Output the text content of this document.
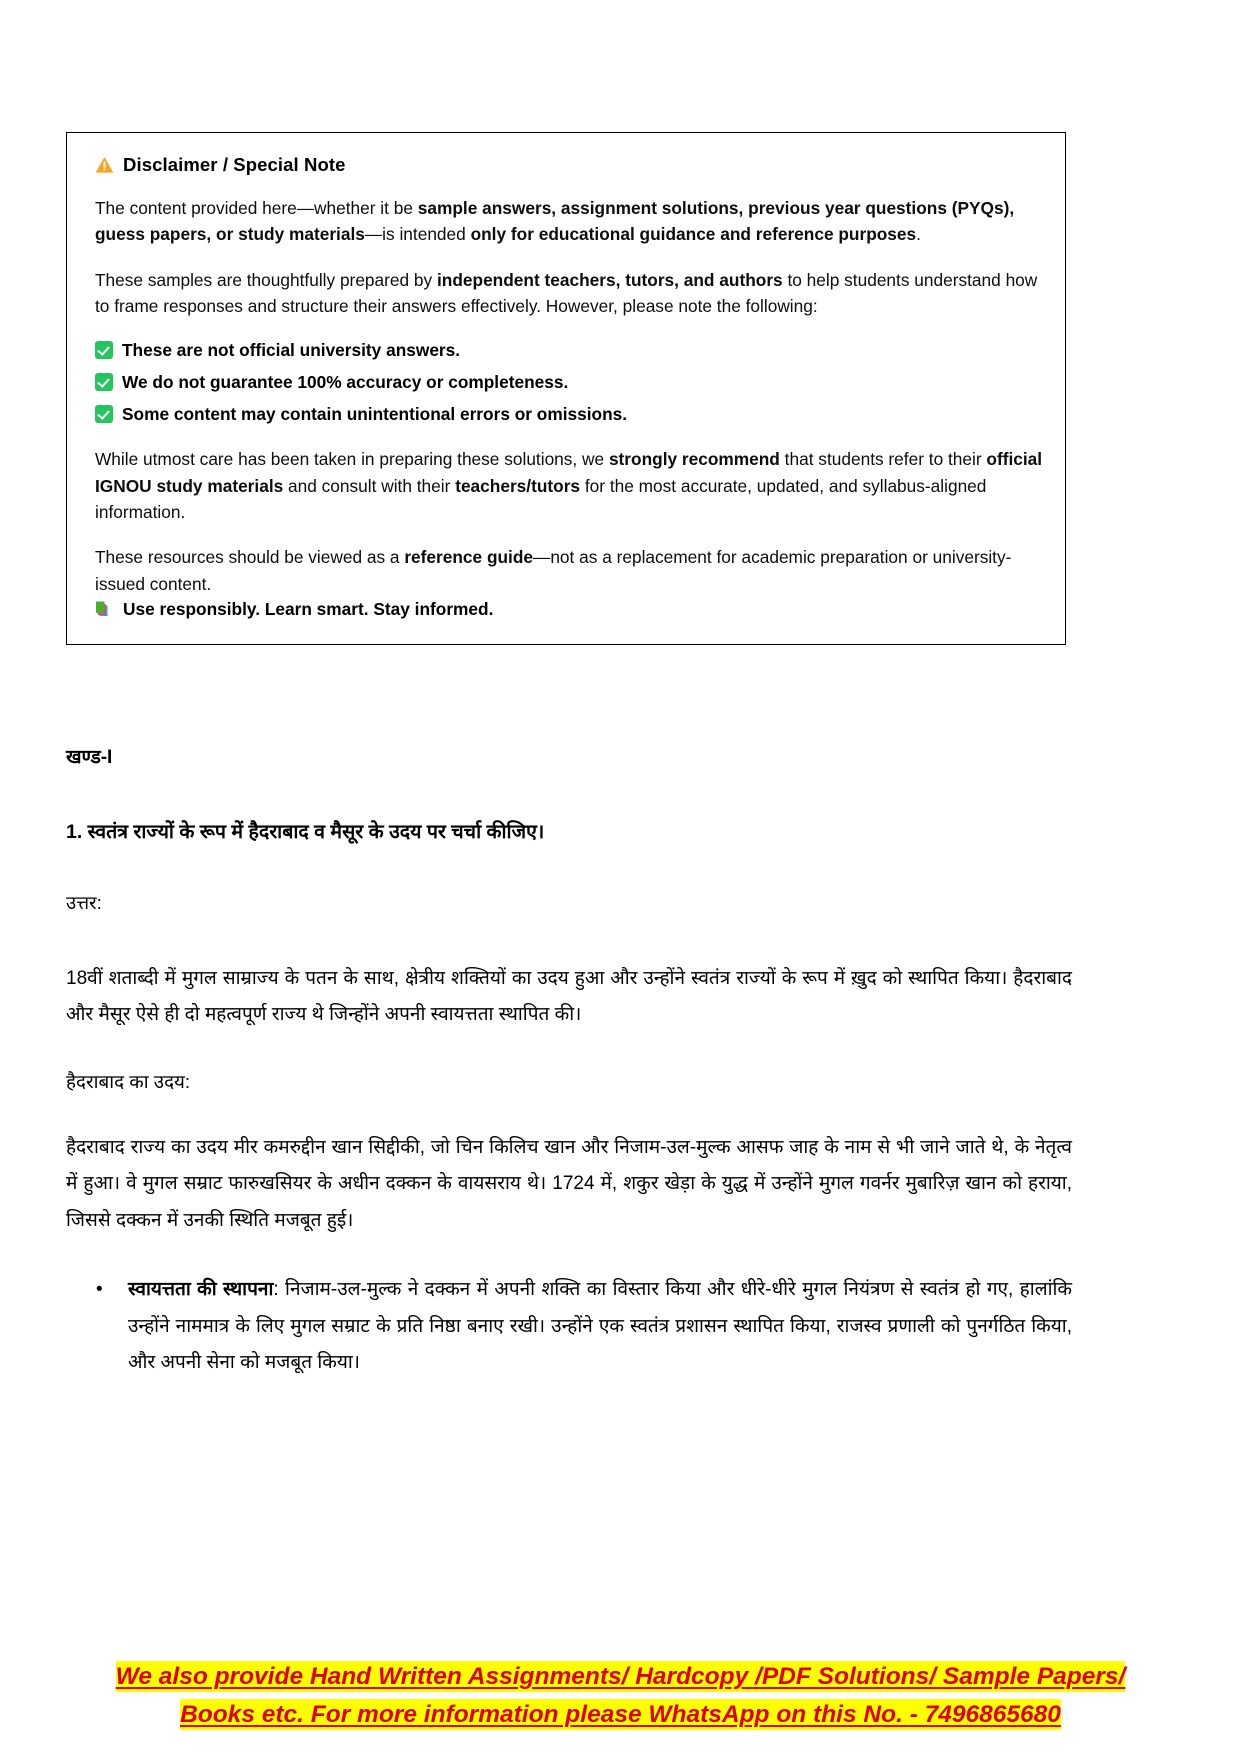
Disclaimer / Special Note

The content provided here—whether it be sample answers, assignment solutions, previous year questions (PYQs), guess papers, or study materials—is intended only for educational guidance and reference purposes.

These samples are thoughtfully prepared by independent teachers, tutors, and authors to help students understand how to frame responses and structure their answers effectively. However, please note the following:

These are not official university answers.
We do not guarantee 100% accuracy or completeness.
Some content may contain unintentional errors or omissions.

While utmost care has been taken in preparing these solutions, we strongly recommend that students refer to their official IGNOU study materials and consult with their teachers/tutors for the most accurate, updated, and syllabus-aligned information.

These resources should be viewed as a reference guide—not as a replacement for academic preparation or university-issued content.

Use responsibly. Learn smart. Stay informed.
खण्ड-I
1. स्वतंत्र राज्यों के रूप में हैदराबाद व मैसूर के उदय पर चर्चा कीजिए।

उत्तर:

18वीं शताब्दी में मुगल साम्राज्य के पतन के साथ, क्षेत्रीय शक्तियों का उदय हुआ और उन्होंने स्वतंत्र राज्यों के रूप में ख़ुद को स्थापित किया। हैदराबाद और मैसूर ऐसे ही दो महत्वपूर्ण राज्य थे जिन्होंने अपनी स्वायत्तता स्थापित की।

हैदराबाद का उदय:

हैदराबाद राज्य का उदय मीर कमरुद्दीन खान सिद्दीकी, जो चिन किलिच खान और निजाम-उल-मुल्क आसफ जाह के नाम से भी जाने जाते थे, के नेतृत्व में हुआ। वे मुगल सम्राट फारुखसियर के अधीन दक्कन के वायसराय थे। 1724 में, शकुर खेड़ा के युद्ध में उन्होंने मुगल गवर्नर मुबारिज़ खान को हराया, जिससे दक्कन में उनकी स्थिति मजबूत हुई।

• स्वायत्तता की स्थापना: निजाम-उल-मुल्क ने दक्कन में अपनी शक्ति का विस्तार किया और धीरे-धीरे मुगल नियंत्रण से स्वतंत्र हो गए, हालांकि उन्होंने नाममात्र के लिए मुगल सम्राट के प्रति निष्ठा बनाए रखी। उन्होंने एक स्वतंत्र प्रशासन स्थापित किया, राजस्व प्रणाली को पुनर्गठित किया, और अपनी सेना को मजबूत किया।
We also provide Hand Written Assignments/ Hardcopy /PDF Solutions/ Sample Papers/
Books etc. For more information please WhatsApp on this No. - 7496865680
